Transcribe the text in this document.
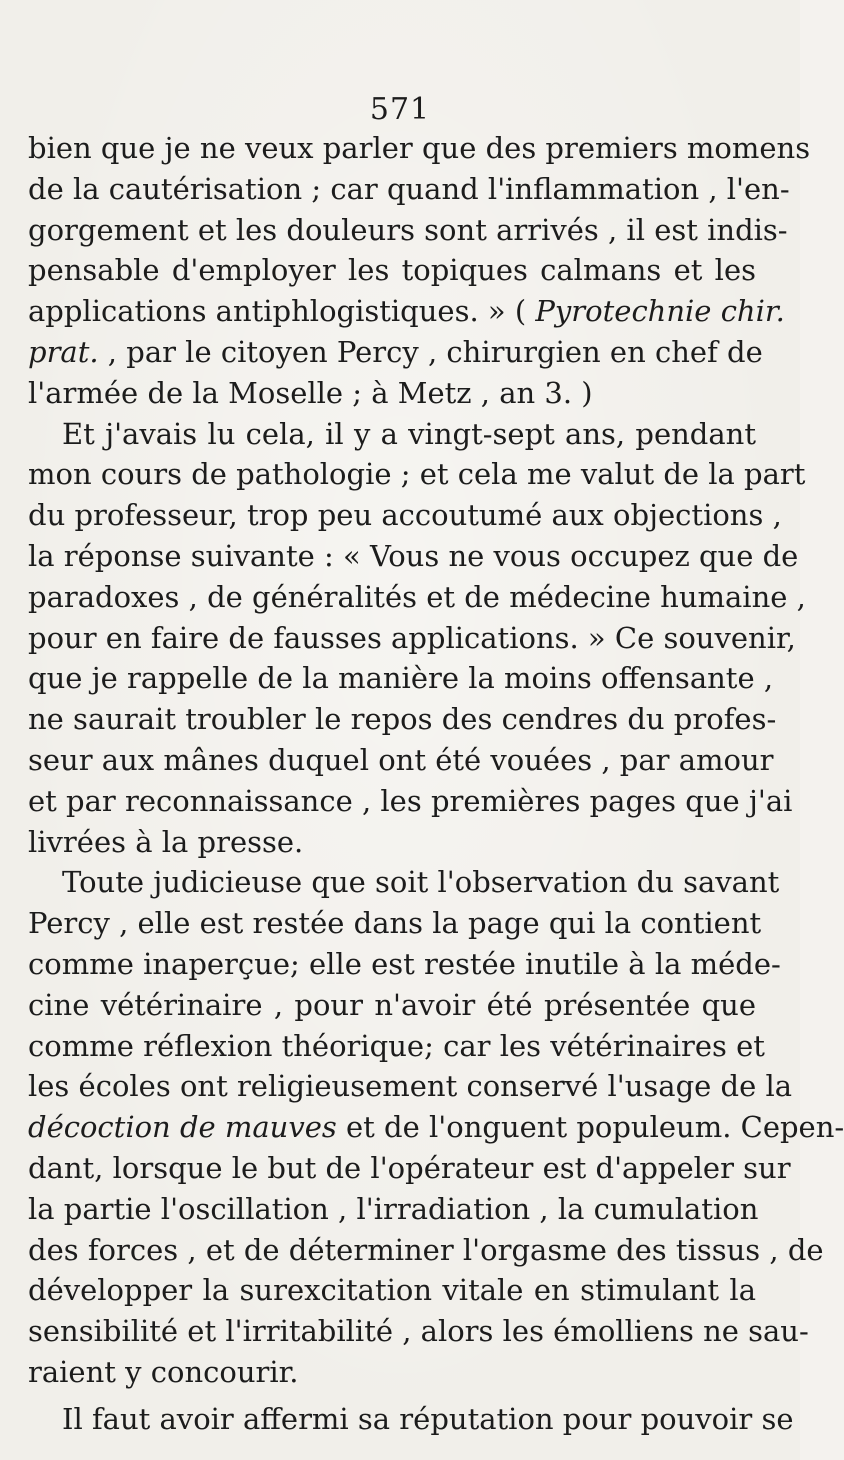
571
bien que je ne veux parler que des premiers momens
de la cautérisation ; car quand l'inflammation , l'en-
gorgement et les douleurs sont arrivés , il est indis-
pensable d'employer les topiques calmans et les
applications antiphlogistiques. » ( Pyrotechnie chir.
prat. , par le citoyen Percy , chirurgien en chef de
l'armée de la Moselle ; à Metz , an 3. )
Et j'avais lu cela, il y a vingt-sept ans, pendant
mon cours de pathologie ; et cela me valut de la part
du professeur, trop peu accoutumé aux objections ,
la réponse suivante : « Vous ne vous occupez que de
paradoxes , de généralités et de médecine humaine ,
pour en faire de fausses applications. » Ce souvenir,
que je rappelle de la manière la moins offensante ,
ne saurait troubler le repos des cendres du profes-
seur aux mânes duquel ont été vouées , par amour
et par reconnaissance , les premières pages que j'ai
livrées à la presse.
Toute judicieuse que soit l'observation du savant
Percy , elle est restée dans la page qui la contient
comme inaperçue; elle est restée inutile à la méde-
cine vétérinaire , pour n'avoir été présentée que
comme réflexion théorique; car les vétérinaires et
les écoles ont religieusement conservé l'usage de la
décoction de mauves et de l'onguent populeum. Cepen-
dant, lorsque le but de l'opérateur est d'appeler sur
la partie l'oscillation , l'irradiation , la cumulation
des forces , et de déterminer l'orgasme des tissus , de
développer la surexcitation vitale en stimulant la
sensibilité et l'irritabilité , alors les émolliens ne sau-
raient y concourir.
Il faut avoir affermi sa réputation pour pouvoir se
